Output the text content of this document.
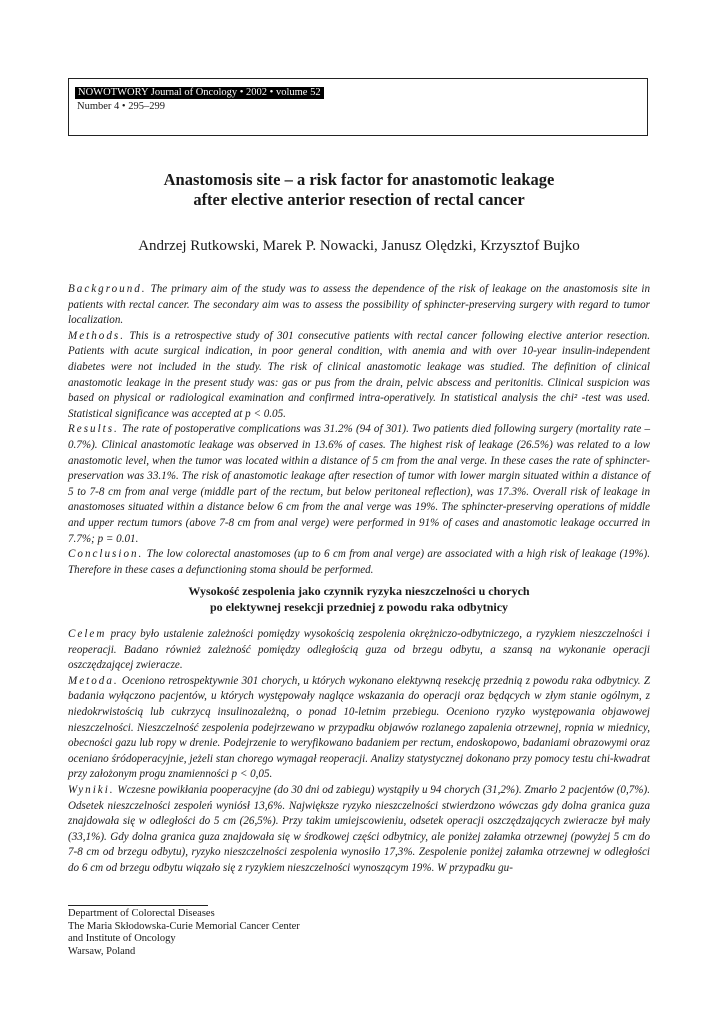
NOWOTWORY Journal of Oncology • 2002 • volume 52
Number 4 • 295–299
Anastomosis site – a risk factor for anastomotic leakage
after elective anterior resection of rectal cancer

Andrzej Rutkowski, Marek P. Nowacki, Janusz Olędzki, Krzysztof Bujko

Background. The primary aim of the study was to assess the dependence of the risk of leakage on the anastomosis site in patients with rectal cancer. The secondary aim was to assess the possibility of sphincter-preserving surgery with regard to tumor localization.

Methods. This is a retrospective study of 301 consecutive patients with rectal cancer following elective anterior resection. Patients with acute surgical indication, in poor general condition, with anemia and with over 10-year insulin-independent diabetes were not included in the study. The risk of clinical anastomotic leakage was studied. The definition of clinical anastomotic leakage in the present study was: gas or pus from the drain, pelvic abscess and peritonitis. Clinical suspicion was based on physical or radiological examination and confirmed intra-operatively. In statistical analysis the chi² -test was used. Statistical significance was accepted at p < 0.05.

Results. The rate of postoperative complications was 31.2% (94 of 301). Two patients died following surgery (mortality rate – 0.7%). Clinical anastomotic leakage was observed in 13.6% of cases. The highest risk of leakage (26.5%) was related to a low anastomotic level, when the tumor was located within a distance of 5 cm from the anal verge. In these cases the rate of sphincter-preservation was 33.1%. The risk of anastomotic leakage after resection of tumor with lower margin situated within a distance of 5 to 7-8 cm from anal verge (middle part of the rectum, but below peritoneal reflection), was 17.3%. Overall risk of leakage in anastomoses situated within a distance below 6 cm from the anal verge was 19%. The sphincter-preserving operations of middle and upper rectum tumors (above 7-8 cm from anal verge) were performed in 91% of cases and anastomotic leakage occurred in 7.7%; p = 0.01.

Conclusion. The low colorectal anastomoses (up to 6 cm from anal verge) are associated with a high risk of leakage (19%). Therefore in these cases a defunctioning stoma should be performed.

Wysokość zespolenia jako czynnik ryzyka nieszczelności u chorych
po elektywnej resekcji przedniej z powodu raka odbytnicy

Celem pracy było ustalenie zależności pomiędzy wysokością zespolenia okrężniczo-odbytniczego, a ryzykiem nieszczelności i reoperacji. Badano również zależność pomiędzy odległością guza od brzegu odbytu, a szansą na wykonanie operacji oszczędzającej zwieracze.

Metoda. Oceniono retrospektywnie 301 chorych, u których wykonano elektywną resekcję przednią z powodu raka odbytnicy. Z badania wyłączono pacjentów, u których występowały naglące wskazania do operacji oraz będących w złym stanie ogólnym, z niedokrwistością lub cukrzycą insulinozależną, o ponad 10-letnim przebiegu. Oceniono ryzyko występowania objawowej nieszczelności. Nieszczelność zespolenia podejrzewano w przypadku objawów rozlanego zapalenia otrzewnej, ropnia w miednicy, obecności gazu lub ropy w drenie. Podejrzenie to weryfikowano badaniem per rectum, endoskopowo, badaniami obrazowymi oraz oceniano śródoperacyjnie, jeżeli stan chorego wymagał reoperacji. Analizy statystycznej dokonano przy pomocy testu chi-kwadrat przy założonym progu znamienności p < 0,05.

Wyniki. Wczesne powikłania pooperacyjne (do 30 dni od zabiegu) wystąpiły u 94 chorych (31,2%). Zmarło 2 pacjentów (0,7%). Odsetek nieszczelności zespoleń wyniósł 13,6%. Największe ryzyko nieszczelności stwierdzono wówczas gdy dolna granica guza znajdowała się w odległości do 5 cm (26,5%). Przy takim umiejscowieniu, odsetek operacji oszczędzających zwieracze był mały (33,1%). Gdy dolna granica guza znajdowała się w środkowej części odbytnicy, ale poniżej załamka otrzewnej (powyżej 5 cm do 7-8 cm od brzegu odbytu), ryzyko nieszczelności zespolenia wynosiło 17,3%. Zespolenie poniżej załamka otrzewnej w odległości do 6 cm od brzegu odbytu wiązało się z ryzykiem nieszczelności wynoszącym 19%. W przypadku gu-

Department of Colorectal Diseases
The Maria Skłodowska-Curie Memorial Cancer Center
and Institute of Oncology
Warsaw, Poland
